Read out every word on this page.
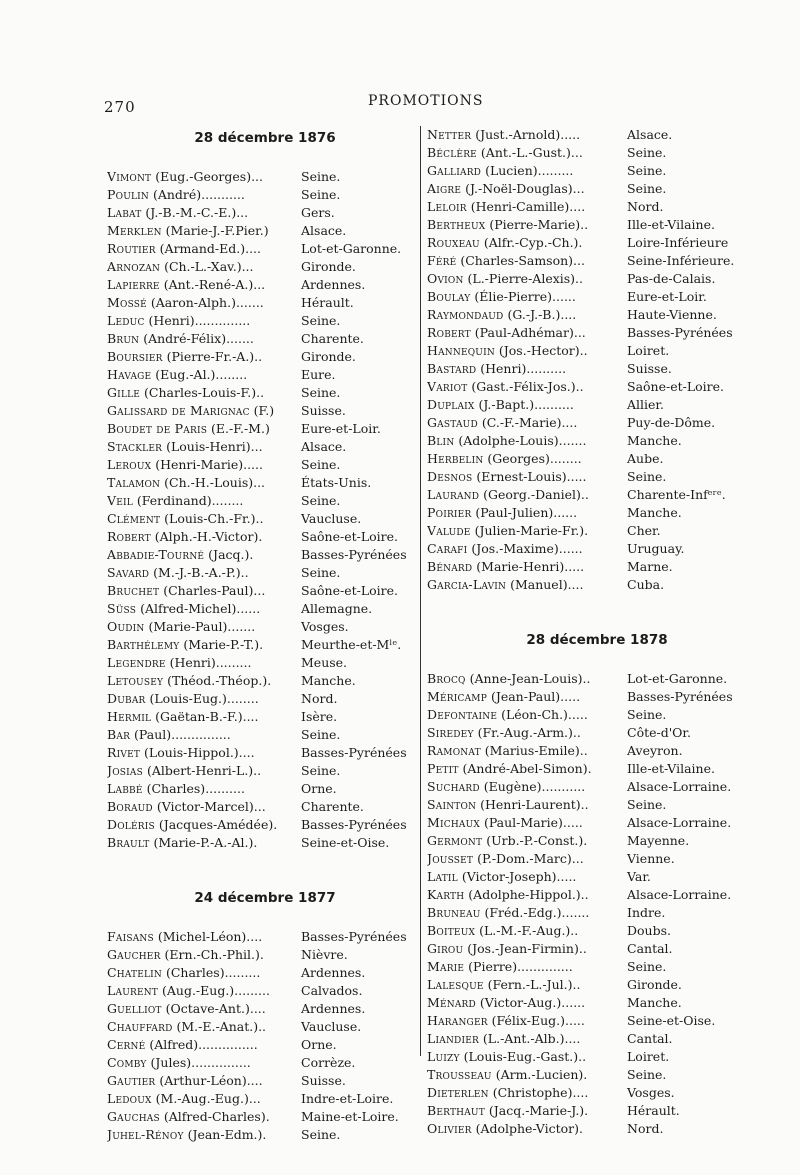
270	PROMOTIONS
28 décembre 1876
Vimont (Eug.-Georges)...	Seine.
Poulin (André)...........	Seine.
Labat (J.-B.-M.-C.-E.)...	Gers.
Merklen (Marie-J.-F.Pier.)	Alsace.
Routier (Armand-Ed.)....	Lot-et-Garonne.
Arnozan (Ch.-L.-Xav.)...	Gironde.
Lapierre (Ant.-René-A.)...	Ardennes.
Mossé (Aaron-Alph.).......	Hérault.
Leduc (Henri)..............	Seine.
Brun (André-Félix).......	Charente.
Boursier (Pierre-Fr.-A.)..	Gironde.
Havage (Eug.-Al.)........	Eure.
Gille (Charles-Louis-F.)..	Seine.
Galissard de Marignac (F.)	Suisse.
Boudet de Paris (E.-F.-M.)	Eure-et-Loir.
Stackler (Louis-Henri)...	Alsace.
Leroux (Henri-Marie).....	Seine.
Talamon (Ch.-H.-Louis)...	États-Unis.
Veil (Ferdinand)........	Seine.
Clément (Louis-Ch.-Fr.)..	Vaucluse.
Robert (Alph.-H.-Victor).	Saône-et-Loire.
Abbadie-Tourné (Jacq.).	Basses-Pyrénées
Savard (M.-J.-B.-A.-P.)..	Seine.
Bruchet (Charles-Paul)...	Saône-et-Loire.
Süss (Alfred-Michel)......	Allemagne.
Oudin (Marie-Paul).......	Vosges.
Barthélemy (Marie-P.-T.).	Meurthe-et-Mˡᵉ.
Legendre (Henri).........	Meuse.
Letousey (Théod.-Théop.).	Manche.
Dubar (Louis-Eug.)........	Nord.
Hermil (Gaëtan-B.-F.)....	Isère.
Bar (Paul)...............	Seine.
Rivet (Louis-Hippol.)....	Basses-Pyrénées
Josias (Albert-Henri-L.)..	Seine.
Labbé (Charles)..........	Orne.
Boraud (Victor-Marcel)...	Charente.
Doléris (Jacques-Amédée).	Basses-Pyrénées
Brault (Marie-P.-A.-Al.).	Seine-et-Oise.
24 décembre 1877
Faisans (Michel-Léon)....	Basses-Pyrénées
Gaucher (Ern.-Ch.-Phil.).	Nièvre.
Chatelin (Charles).........	Ardennes.
Laurent (Aug.-Eug.).........	Calvados.
Guelliot (Octave-Ant.)....	Ardennes.
Chauffard (M.-E.-Anat.)..	Vaucluse.
Cerné (Alfred)...............	Orne.
Comby (Jules)...............	Corrèze.
Gautier (Arthur-Léon)....	Suisse.
Ledoux (M.-Aug.-Eug.)...	Indre-et-Loire.
Gauchas (Alfred-Charles).	Maine-et-Loire.
Juhel-Rénoy (Jean-Edm.).	Seine.
Netter (Just.-Arnold).....	Alsace.
Béclère (Ant.-L.-Gust.)...	Seine.
Galliard (Lucien).........	Seine.
Aigre (J.-Noël-Douglas)...	Seine.
Leloir (Henri-Camille)....	Nord.
Bertheux (Pierre-Marie)..	Ille-et-Vilaine.
Rouxeau (Alfr.-Cyp.-Ch.).	Loire-Inférieure
Féré (Charles-Samson)...	Seine-Inférieure.
Ovion (L.-Pierre-Alexis)..	Pas-de-Calais.
Boulay (Élie-Pierre)......	Eure-et-Loir.
Raymondaud (G.-J.-B.)....	Haute-Vienne.
Robert (Paul-Adhémar)...	Basses-Pyrénées
Hannequin (Jos.-Hector)..	Loiret.
Bastard (Henri)..........	Suisse.
Variot (Gast.-Félix-Jos.)..	Saône-et-Loire.
Duplaix (J.-Bapt.)..........	Allier.
Gastaud (C.-F.-Marie)....	Puy-de-Dôme.
Blin (Adolphe-Louis).......	Manche.
Herbelin (Georges)........	Aube.
Desnos (Ernest-Louis).....	Seine.
Laurand (Georg.-Daniel)..	Charente-Infᵉʳᵉ.
Poirier (Paul-Julien)......	Manche.
Valude (Julien-Marie-Fr.).	Cher.
Carafi (Jos.-Maxime)......	Uruguay.
Bénard (Marie-Henri).....	Marne.
Garcia-Lavin (Manuel)....	Cuba.
28 décembre 1878
Brocq (Anne-Jean-Louis)..	Lot-et-Garonne.
Méricamp (Jean-Paul).....	Basses-Pyrénées
Defontaine (Léon-Ch.).....	Seine.
Siredey (Fr.-Aug.-Arm.)..	Côte-d'Or.
Ramonat (Marius-Emile)..	Aveyron.
Petit (André-Abel-Simon).	Ille-et-Vilaine.
Suchard (Eugène)...........	Alsace-Lorraine.
Sainton (Henri-Laurent)..	Seine.
Michaux (Paul-Marie).....	Alsace-Lorraine.
Germont (Urb.-P.-Const.).	Mayenne.
Jousset (P.-Dom.-Marc)...	Vienne.
Latil (Victor-Joseph).....	Var.
Karth (Adolphe-Hippol.)..	Alsace-Lorraine.
Bruneau (Fréd.-Edg.).......	Indre.
Boiteux (L.-M.-F.-Aug.)..	Doubs.
Girou (Jos.-Jean-Firmin)..	Cantal.
Marie (Pierre)..............	Seine.
Lalesque (Fern.-L.-Jul.)..	Gironde.
Ménard (Victor-Aug.)......	Manche.
Haranger (Félix-Eug.).....	Seine-et-Oise.
Liandier (L.-Ant.-Alb.)....	Cantal.
Luizy (Louis-Eug.-Gast.)..	Loiret.
Trousseau (Arm.-Lucien).	Seine.
Dieterlen (Christophe)....	Vosges.
Berthaut (Jacq.-Marie-J.).	Hérault.
Olivier (Adolphe-Victor).	Nord.
